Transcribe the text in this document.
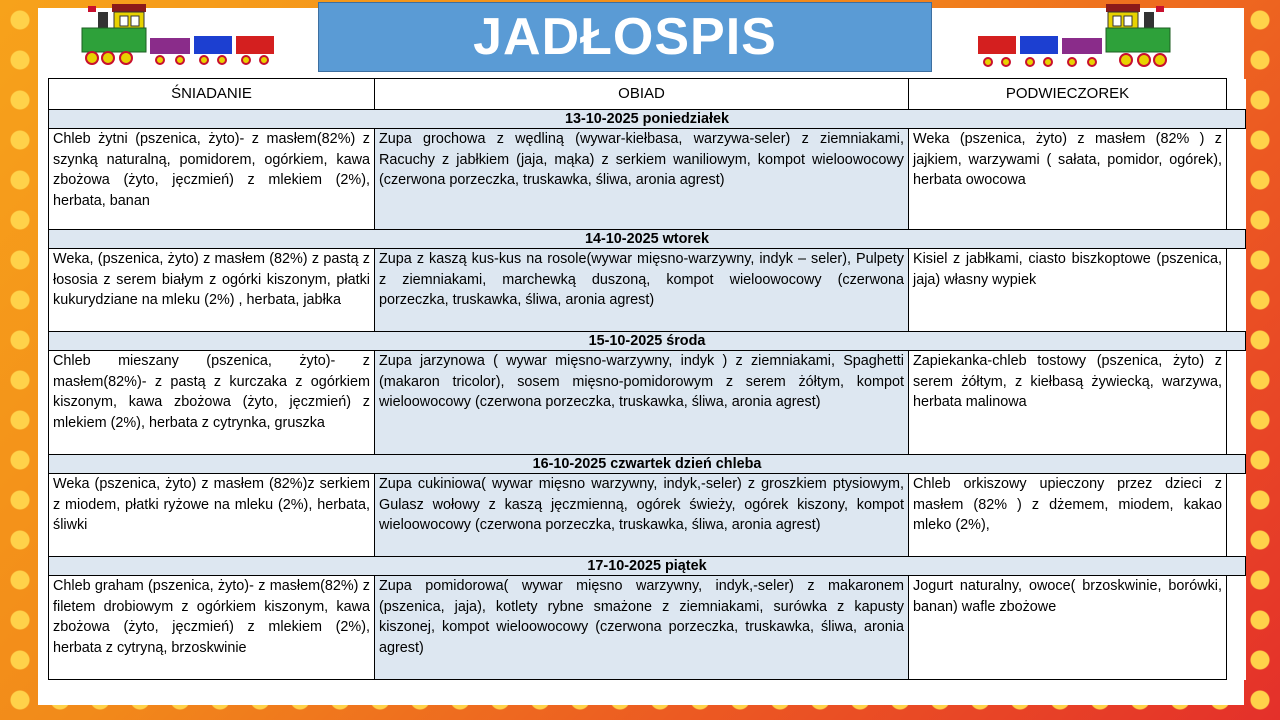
JADŁOSPIS
ŚNIADANIE	OBIAD	PODWIECZOREK	
13-10-2025 poniedziałek			
Chleb żytni (pszenica, żyto)- z masłem(82%) z szynką naturalną, pomidorem, ogórkiem, kawa zbożowa (żyto, jęczmień) z mlekiem (2%), herbata, banan	Zupa grochowa z wędliną (wywar-kiełbasa, warzywa-seler) z ziemniakami, Racuchy z jabłkiem (jaja, mąka) z serkiem waniliowym, kompot wieloowocowy (czerwona porzeczka, truskawka, śliwa, aronia agrest)	Weka (pszenica, żyto) z masłem (82% ) z jajkiem, warzywami ( sałata, pomidor, ogórek), herbata owocowa	
14-10-2025 wtorek			
Weka, (pszenica, żyto) z masłem (82%) z pastą z łososia z serem białym z ogórki kiszonym, płatki kukurydziane na mleku (2%) , herbata, jabłka	Zupa z kaszą kus-kus na rosole(wywar mięsno-warzywny, indyk – seler), Pulpety z ziemniakami, marchewką duszoną, kompot wieloowocowy (czerwona porzeczka, truskawka, śliwa, aronia agrest)	Kisiel z jabłkami, ciasto biszkoptowe (pszenica, jaja) własny wypiek	
15-10-2025 środa			
Chleb mieszany (pszenica, żyto)- z masłem(82%)- z pastą z kurczaka z ogórkiem kiszonym, kawa zbożowa (żyto, jęczmień) z mlekiem (2%), herbata z cytrynka, gruszka	Zupa jarzynowa ( wywar mięsno-warzywny, indyk ) z ziemniakami, Spaghetti (makaron tricolor), sosem mięsno-pomidorowym z serem żółtym, kompot wieloowocowy (czerwona porzeczka, truskawka, śliwa, aronia agrest)	Zapiekanka-chleb tostowy (pszenica, żyto) z serem żółtym, z kiełbasą żywiecką, warzywa, herbata malinowa	
16-10-2025 czwartek dzień chleba			
Weka (pszenica, żyto) z masłem (82%)z serkiem z miodem, płatki ryżowe na mleku (2%), herbata, śliwki	Zupa cukiniowa( wywar mięsno warzywny, indyk,-seler) z groszkiem ptysiowym, Gulasz wołowy z kaszą jęczmienną, ogórek świeży, ogórek kiszony, kompot wieloowocowy (czerwona porzeczka, truskawka, śliwa, aronia agrest)	Chleb orkiszowy upieczony przez dzieci z masłem (82% ) z dżemem, miodem, kakao mleko (2%),	
17-10-2025 piątek			
Chleb graham (pszenica, żyto)- z masłem(82%) z filetem drobiowym z ogórkiem kiszonym, kawa zbożowa (żyto, jęczmień) z mlekiem (2%), herbata z cytryną, brzoskwinie	Zupa pomidorowa( wywar mięsno warzywny, indyk,-seler) z makaronem (pszenica, jaja), kotlety rybne smażone z ziemniakami, surówka z kapusty kiszonej, kompot wieloowocowy (czerwona porzeczka, truskawka, śliwa, aronia agrest)	Jogurt naturalny, owoce( brzoskwinie, borówki, banan) wafle zbożowe	
